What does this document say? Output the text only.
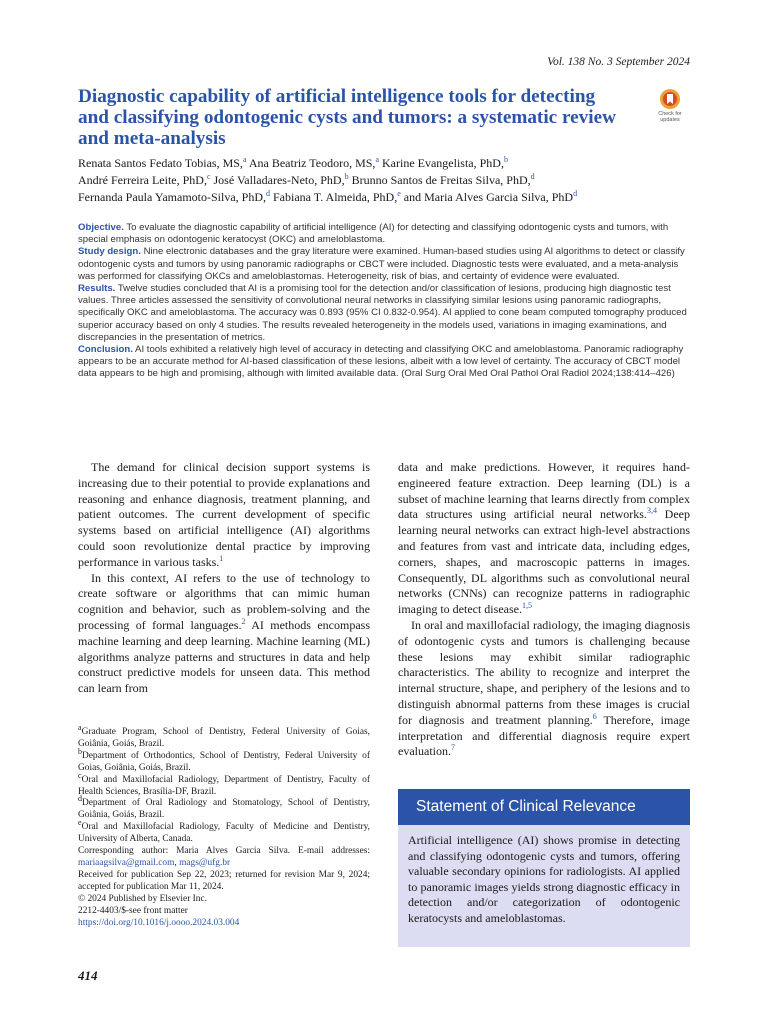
Vol. 138 No. 3 September 2024
Diagnostic capability of artificial intelligence tools for detecting and classifying odontogenic cysts and tumors: a systematic review and meta-analysis
Check for
updates
Renata Santos Fedato Tobias, MS,$^a$ Ana Beatriz Teodoro, MS,$^a$ Karine Evangelista, PhD,$^b$
André Ferreira Leite, PhD,$^c$ José Valladares-Neto, PhD,$^b$ Brunno Santos de Freitas Silva, PhD,$^d$
Fernanda Paula Yamamoto-Silva, PhD,$^d$ Fabiana T. Almeida, PhD,$^e$ and Maria Alves Garcia Silva, PhD$^d$

Objective. To evaluate the diagnostic capability of artificial intelligence (AI) for detecting and classifying odontogenic cysts and tumors, with special emphasis on odontogenic keratocyst (OKC) and ameloblastoma.

Study design. Nine electronic databases and the gray literature were examined. Human-based studies using AI algorithms to detect or classify odontogenic cysts and tumors by using panoramic radiographs or CBCT were included. Diagnostic tests were evaluated, and a meta-analysis was performed for classifying OKCs and ameloblastomas. Heterogeneity, risk of bias, and certainty of evidence were evaluated.

Results. Twelve studies concluded that AI is a promising tool for the detection and/or classification of lesions, producing high diagnostic test values. Three articles assessed the sensitivity of convolutional neural networks in classifying similar lesions using panoramic radiographs, specifically OKC and ameloblastoma. The accuracy was 0.893 (95% CI 0.832-0.954). AI applied to cone beam computed tomography produced superior accuracy based on only 4 studies. The results revealed heterogeneity in the models used, variations in imaging examinations, and discrepancies in the presentation of metrics.

Conclusion. AI tools exhibited a relatively high level of accuracy in detecting and classifying OKC and ameloblastoma. Panoramic radiography appears to be an accurate method for AI-based classification of these lesions, albeit with a low level of certainty. The accuracy of CBCT model data appears to be high and promising, although with limited available data. (Oral Surg Oral Med Oral Pathol Oral Radiol 2024;138:414–426)

The demand for clinical decision support systems is increasing due to their potential to provide explanations and reasoning and enhance diagnosis, treatment planning, and patient outcomes. The current development of specific systems based on artificial intelligence (AI) algorithms could soon revolutionize dental practice by improving performance in various tasks.$^1$

In this context, AI refers to the use of technology to create software or algorithms that can mimic human cognition and behavior, such as problem-solving and the processing of formal languages.$^2$ AI methods encompass machine learning and deep learning. Machine learning (ML) algorithms analyze patterns and structures in data and help construct predictive models for unseen data. This method can learn from

data and make predictions. However, it requires hand-engineered feature extraction. Deep learning (DL) is a subset of machine learning that learns directly from complex data structures using artificial neural networks.$^{3,4}$ Deep learning neural networks can extract high-level abstractions and features from vast and intricate data, including edges, corners, shapes, and macroscopic patterns in images. Consequently, DL algorithms such as convolutional neural networks (CNNs) can recognize patterns in radiographic imaging to detect disease.$^{1,5}$

In oral and maxillofacial radiology, the imaging diagnosis of odontogenic cysts and tumors is challenging because these lesions may exhibit similar radiographic characteristics. The ability to recognize and interpret the internal structure, shape, and periphery of the lesions and to distinguish abnormal patterns from these images is crucial for diagnosis and treatment planning.$^6$ Therefore, image interpretation and differential diagnosis require expert evaluation.$^7$

$^a$Graduate Program, School of Dentistry, Federal University of Goias, Goiânia, Goiás, Brazil.

$^b$Department of Orthodontics, School of Dentistry, Federal University of Goias, Goiânia, Goiás, Brazil.

$^c$Oral and Maxillofacial Radiology, Department of Dentistry, Faculty of Health Sciences, Brasília-DF, Brazil.

$^d$Department of Oral Radiology and Stomatology, School of Dentistry, Goiânia, Goiás, Brazil.

$^e$Oral and Maxillofacial Radiology, Faculty of Medicine and Dentistry, University of Alberta, Canada.

Corresponding author: Maria Alves Garcia Silva. E-mail addresses: mariaagsilva@gmail.com, mags@ufg.br

Received for publication Sep 22, 2023; returned for revision Mar 9, 2024; accepted for publication Mar 11, 2024.

© 2024 Published by Elsevier Inc.

2212-4403/$-see front matter

https://doi.org/10.1016/j.oooo.2024.03.004

Statement of Clinical Relevance
Artificial intelligence (AI) shows promise in detecting and classifying odontogenic cysts and tumors, offering valuable secondary opinions for radiologists. AI applied to panoramic images yields strong diagnostic efficacy in detection and/or categorization of odontogenic keratocysts and ameloblastomas.
414
